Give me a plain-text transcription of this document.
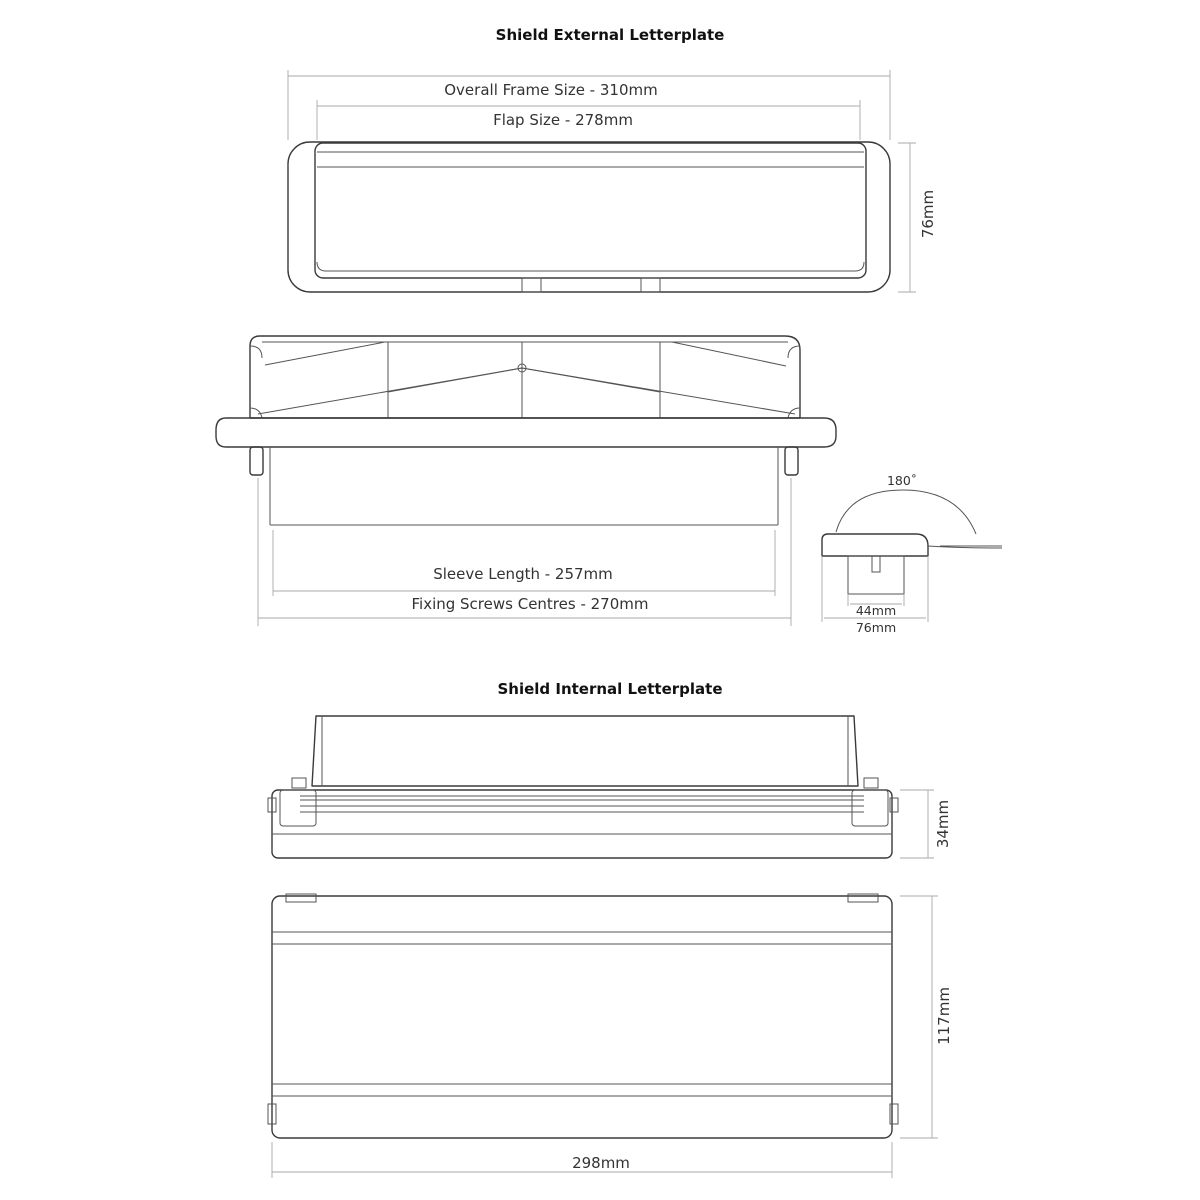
Shield External Letterplate
Shield Internal Letterplate
Overall Frame Size - 310mm
Flap Size - 278mm
76mm
Sleeve Length - 257mm
Fixing Screws Centres - 270mm
180˚
44mm
76mm
34mm
117mm
298mm
